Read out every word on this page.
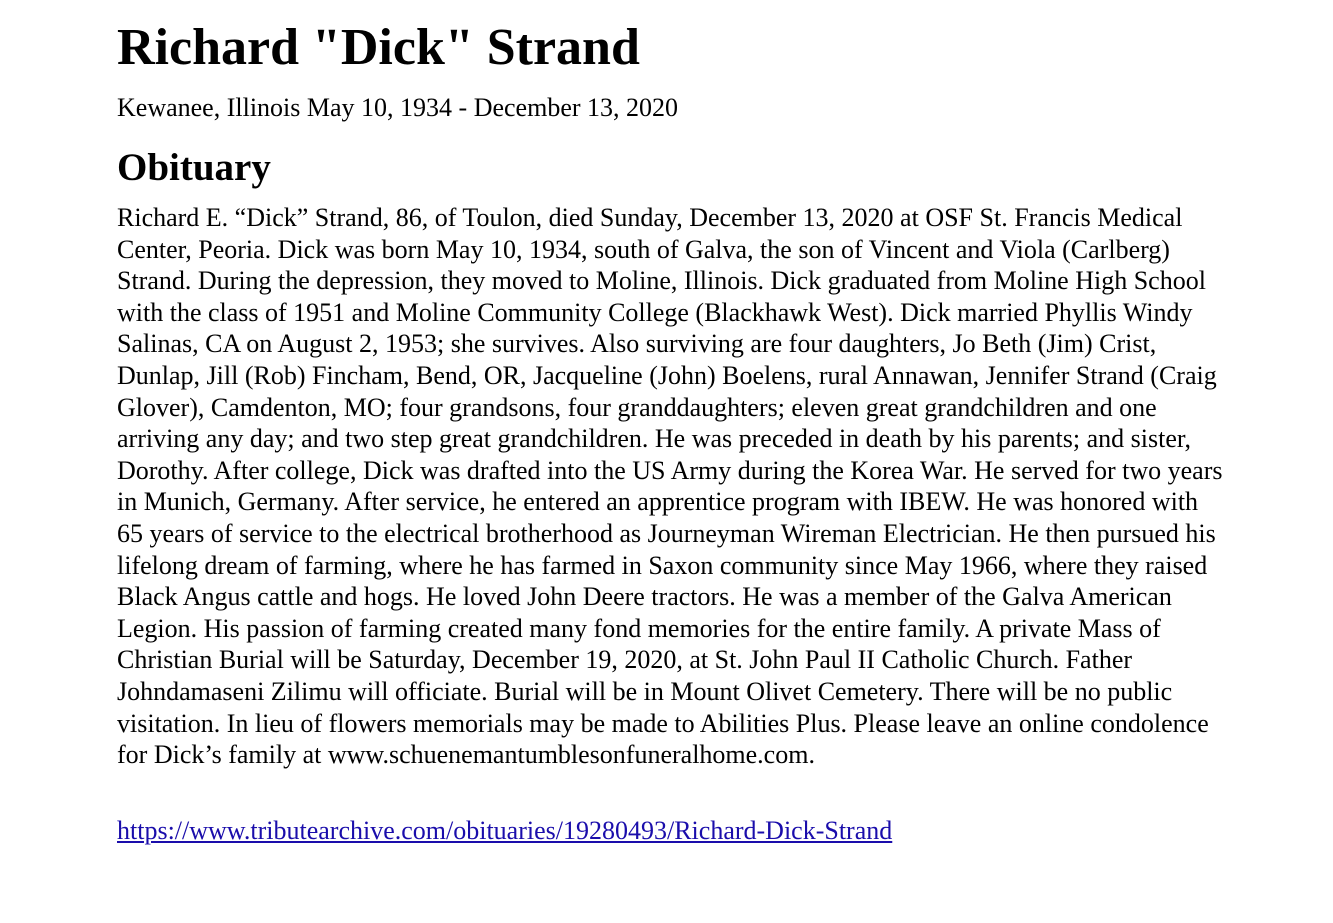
Richard "Dick" Strand

Kewanee, Illinois May 10, 1934 - December 13, 2020

Obituary

Richard E. “Dick” Strand, 86, of Toulon, died Sunday, December 13, 2020 at OSF St. Francis Medical Center, Peoria. Dick was born May 10, 1934, south of Galva, the son of Vincent and Viola (Carlberg) Strand. During the depression, they moved to Moline, Illinois. Dick graduated from Moline High School with the class of 1951 and Moline Community College (Blackhawk West). Dick married Phyllis Windy Salinas, CA on August 2, 1953; she survives. Also surviving are four daughters, Jo Beth (Jim) Crist, Dunlap, Jill (Rob) Fincham, Bend, OR, Jacqueline (John) Boelens, rural Annawan, Jennifer Strand (Craig Glover), Camdenton, MO; four grandsons, four granddaughters; eleven great grandchildren and one arriving any day; and two step great grandchildren. He was preceded in death by his parents; and sister, Dorothy. After college, Dick was drafted into the US Army during the Korea War. He served for two years in Munich, Germany. After service, he entered an apprentice program with IBEW. He was honored with 65 years of service to the electrical brotherhood as Journeyman Wireman Electrician. He then pursued his lifelong dream of farming, where he has farmed in Saxon community since May 1966, where they raised Black Angus cattle and hogs. He loved John Deere tractors. He was a member of the Galva American Legion. His passion of farming created many fond memories for the entire family. A private Mass of Christian Burial will be Saturday, December 19, 2020, at St. John Paul II Catholic Church. Father Johndamaseni Zilimu will officiate. Burial will be in Mount Olivet Cemetery. There will be no public visitation. In lieu of flowers memorials may be made to Abilities Plus. Please leave an online condolence for Dick’s family at www.schuenemantumblesonfuneralhome.com.

https://www.tributearchive.com/obituaries/19280493/Richard-Dick-Strand
